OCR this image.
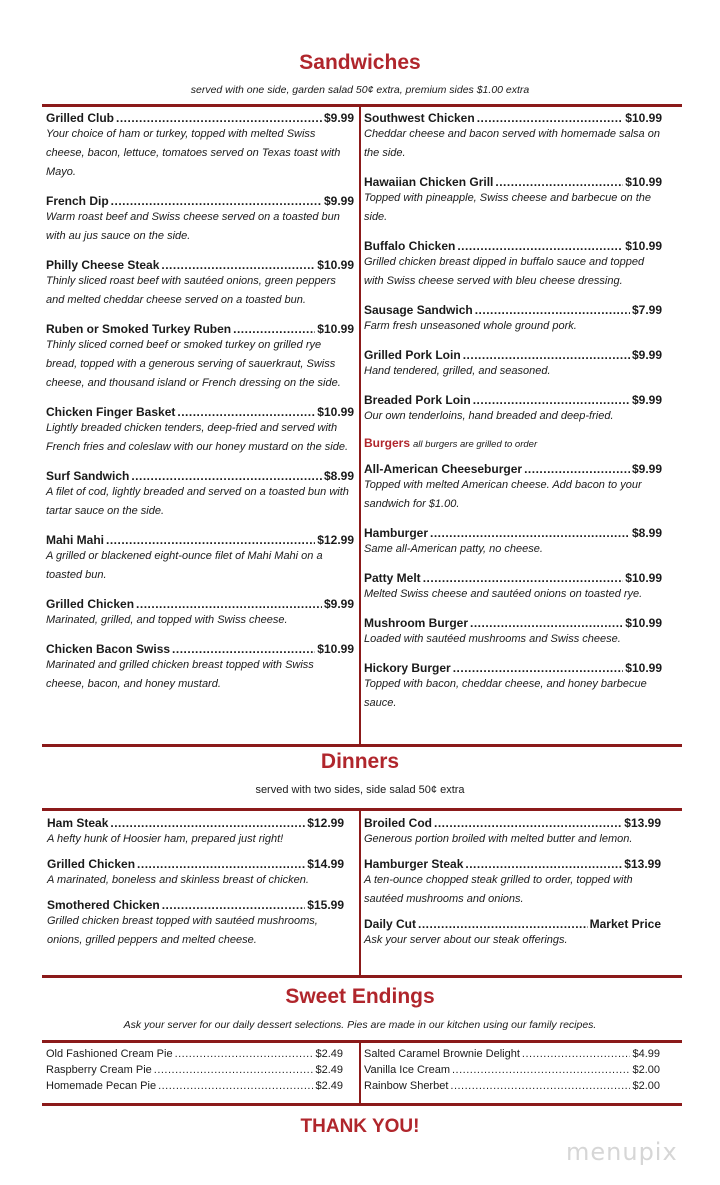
Sandwiches
served with one side, garden salad 50¢ extra, premium sides $1.00 extra
Grilled Club .....	$9.99
Your choice of ham or turkey, topped with melted Swiss cheese, bacon, lettuce, tomatoes served on Texas toast with Mayo.
French Dip .....	$9.99
Warm roast beef and Swiss cheese served on a toasted bun with au jus sauce on the side.
Philly Cheese Steak .....	$10.99
Thinly sliced roast beef with sautéed onions, green peppers and melted cheddar cheese served on a toasted bun.
Ruben or Smoked Turkey Ruben .....	$10.99
Thinly sliced corned beef or smoked turkey on grilled rye bread, topped with a generous serving of sauerkraut, Swiss cheese, and thousand island or French dressing on the side.
Chicken Finger Basket .....	$10.99
Lightly breaded chicken tenders, deep-fried and served with French fries and coleslaw with our honey mustard on the side.
Surf Sandwich .....	$8.99
A filet of cod, lightly breaded and served on a toasted bun with tartar sauce on the side.
Mahi Mahi .....	$12.99
A grilled or blackened eight-ounce filet of Mahi Mahi on a toasted bun.
Grilled Chicken .....	$9.99
Marinated, grilled, and topped with Swiss cheese.
Chicken Bacon Swiss .....	$10.99
Marinated and grilled chicken breast topped with Swiss cheese, bacon, and honey mustard.
Southwest Chicken .....	$10.99
Cheddar cheese and bacon served with homemade salsa on the side.
Hawaiian Chicken Grill .....	$10.99
Topped with pineapple, Swiss cheese and barbecue on the side.
Buffalo Chicken .....	$10.99
Grilled chicken breast dipped in buffalo sauce and topped with Swiss cheese served with bleu cheese dressing.
Sausage Sandwich .....	$7.99
Farm fresh unseasoned whole ground pork.
Grilled Pork Loin .....	$9.99
Hand tendered, grilled, and seasoned.
Breaded Pork Loin .....	$9.99
Our own tenderloins, hand breaded and deep-fried.
Burgers all burgers are grilled to order
All-American Cheeseburger .....	$9.99
Topped with melted American cheese. Add bacon to your sandwich for $1.00.
Hamburger .....	$8.99
Same all-American patty, no cheese.
Patty Melt .....	$10.99
Melted Swiss cheese and sautéed onions on toasted rye.
Mushroom Burger .....	$10.99
Loaded with sautéed mushrooms and Swiss cheese.
Hickory Burger .....	$10.99
Topped with bacon, cheddar cheese, and honey barbecue sauce.
Dinners
served with two sides, side salad 50¢ extra
Ham Steak .....	$12.99
A hefty hunk of Hoosier ham, prepared just right!
Grilled Chicken .....	$14.99
A marinated, boneless and skinless breast of chicken.
Smothered Chicken .....	$15.99
Grilled chicken breast topped with sautéed mushrooms, onions, grilled peppers and melted cheese.
Broiled Cod .....	$13.99
Generous portion broiled with melted butter and lemon.
Hamburger Steak .....	$13.99
A ten-ounce chopped steak grilled to order, topped with sautéed mushrooms and onions.
Daily Cut .....	Market Price
Ask your server about our steak offerings.
Sweet Endings
Ask your server for our daily dessert selections. Pies are made in our kitchen using our family recipes.
Old Fashioned Cream Pie .....	$2.49
Raspberry Cream Pie .....	$2.49
Homemade Pecan Pie .....	$2.49
Salted Caramel Brownie Delight .....	$4.99
Vanilla Ice Cream .....	$2.00
Rainbow Sherbet .....	$2.00
THANK YOU!
menupix
